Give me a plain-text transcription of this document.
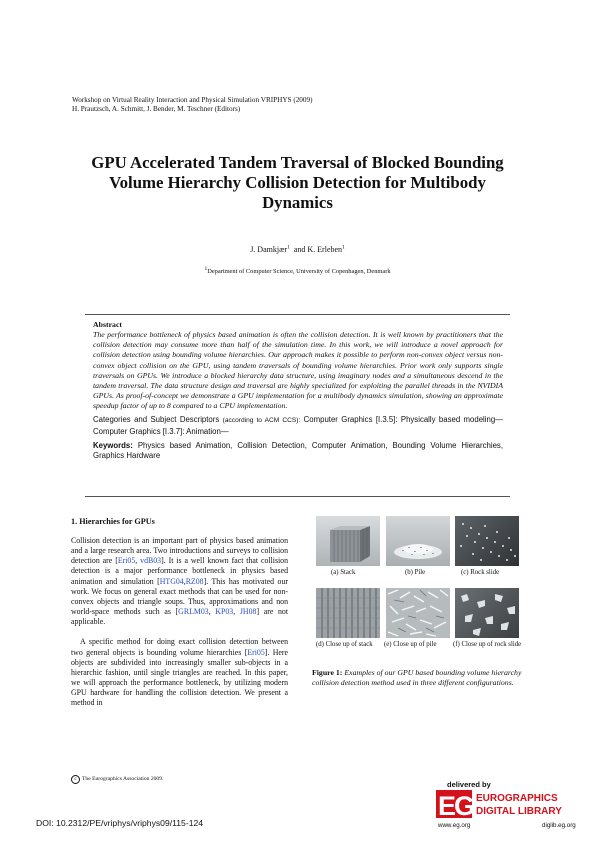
Workshop on Virtual Reality Interaction and Physical Simulation VRIPHYS (2009)
H. Prautzsch, A. Schmitt, J. Bender, M. Teschner (Editors)
GPU Accelerated Tandem Traversal of Blocked Bounding
Volume Hierarchy Collision Detection for Multibody
Dynamics
J. Damkjær$^1$ and K. Erleben$^1$
$^1$Department of Computer Science, University of Copenhagen, Denmark
Abstract
The performance bottleneck of physics based animation is often the collision detection. It is well known by practitioners that the collision detection may consume more than half of the simulation time. In this work, we will introduce a novel approach for collision detection using bounding volume hierarchies. Our approach makes it possible to perform non-convex object versus non-convex object collision on the GPU, using tandem traversals of bounding volume hierarchies. Prior work only supports single traversals on GPUs. We introduce a blocked hierarchy data structure, using imaginary nodes and a simultaneous descend in the tandem traversal. The data structure design and traversal are highly specialized for exploiting the parallel threads in the NVIDIA GPUs. As proof-of-concept we demonstrate a GPU implementation for a multibody dynamics simulation, showing an approximate speedup factor of up to 8 compared to a CPU implementation.

Categories and Subject Descriptors (according to ACM CCS): Computer Graphics [I.3.5]: Physically based modeling—Computer Graphics [I.3.7]: Animation—

Keywords: Physics based Animation, Collision Detection, Computer Animation, Bounding Volume Hierarchies, Graphics Hardware

1. Hierarchies for GPUs

Collision detection is an important part of physics based animation and a large research area. Two introductions and surveys to collision detection are [Eri05, vdB03]. It is a well known fact that collision detection is a major performance bottleneck in physics based animation and simulation [HTG04,RZ08]. This has motivated our work. We focus on general exact methods that can be used for non-convex objects and triangle soups. Thus, approximations and non world-space methods such as [GRLM03, KP03, JH08] are not applicable.

A specific method for doing exact collision detection between two general objects is bounding volume hierarchies [Eri05]. Here objects are subdivided into increasingly smaller sub-objects in a hierarchic fashion, until single triangles are reached. In this paper, we will approach the performance bottleneck, by utilizing modern GPU hardware for handling the collision detection. We present a method in

(a) Stack	(b) Pile	(c) Rock slide
(d) Close up of stack	(e) Close up of pile	(f) Close up of rock slide
Figure 1: Examples of our GPU based bounding volume hierarchy collision detection method used in three different configurations.
c The Eurographics Association 2009.
DOI: 10.2312/PE/vriphys/vriphys09/115-124
delivered by
E
G EUROGRAPHICS
DIGITAL LIBRARY
www.eg.org	diglib.eg.org
